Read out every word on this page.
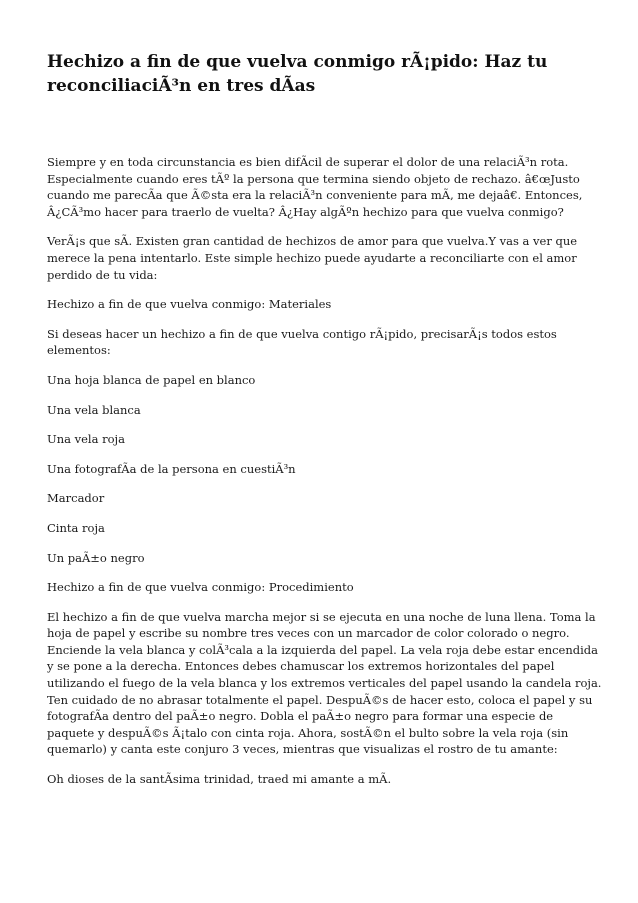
Hechizo a fin de que vuelva conmigo rÃ¡pido: Haz tu reconciliaciÃ³n en tres dÃas

Siempre y en toda circunstancia es bien difÃcil de superar el dolor de una relaciÃ³n rota. Especialmente cuando eres tÃº la persona que termina siendo objeto de rechazo. â€œJusto cuando me parecÃa que Ã©sta era la relaciÃ³n conveniente para mÃ, me dejaâ€. Entonces, Â¿CÃ³mo hacer para traerlo de vuelta? Â¿Hay algÃºn hechizo para que vuelva conmigo?

VerÃ¡s que sÃ. Existen gran cantidad de hechizos de amor para que vuelva.Y vas a ver que merece la pena intentarlo. Este simple hechizo puede ayudarte a reconciliarte con el amor perdido de tu vida:

Hechizo a fin de que vuelva conmigo: Materiales

Si deseas hacer un hechizo a fin de que vuelva contigo rÃ¡pido, precisarÃ¡s todos estos elementos:

Una hoja blanca de papel en blanco

Una vela blanca

Una vela roja

Una fotografÃa de la persona en cuestiÃ³n

Marcador

Cinta roja

Un paÃ±o negro

Hechizo a fin de que vuelva conmigo: Procedimiento

El hechizo a fin de que vuelva marcha mejor si se ejecuta en una noche de luna llena. Toma la hoja de papel y escribe su nombre tres veces con un marcador de color colorado o negro. Enciende la vela blanca y colÃ³cala a la izquierda del papel. La vela roja debe estar encendida y se pone a la derecha. Entonces debes chamuscar los extremos horizontales del papel utilizando el fuego de la vela blanca y los extremos verticales del papel usando la candela roja. Ten cuidado de no abrasar totalmente el papel. DespuÃ©s de hacer esto, coloca el papel y su fotografÃa dentro del paÃ±o negro. Dobla el paÃ±o negro para formar una especie de paquete y despuÃ©s Ã¡talo con cinta roja. Ahora, sostÃ©n el bulto sobre la vela roja (sin quemarlo) y canta este conjuro 3 veces, mientras que visualizas el rostro de tu amante:

Oh dioses de la santÃsima trinidad, traed mi amante a mÃ.
